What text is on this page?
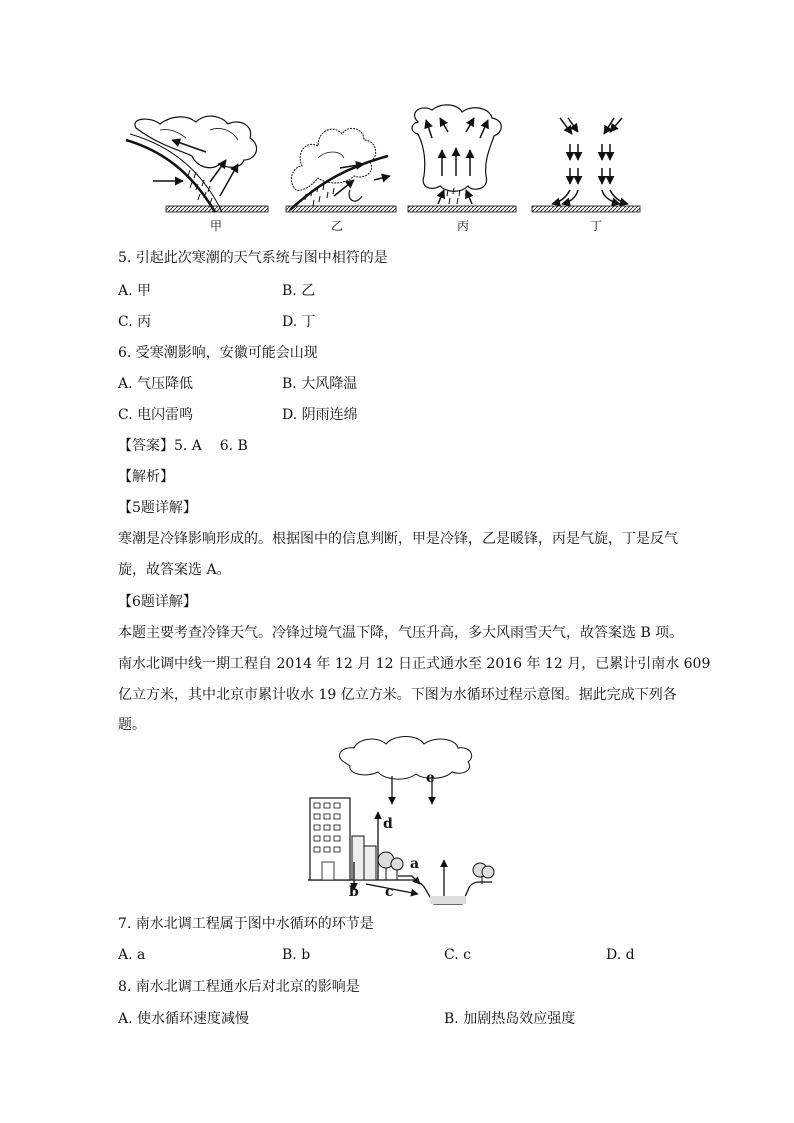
甲	乙	丙	丁
5. 引起此次寒潮的天气系统与图中相符的是
A. 甲	B. 乙
C. 丙	D. 丁
6. 受寒潮影响，安徽可能会山现
A. 气压降低	B. 大风降温
C. 电闪雷鸣	D. 阴雨连绵
【答案】5. A    6. B
【解析】
【5题详解】
寒潮是冷锋影响形成的。根据图中的信息判断，甲是冷锋，乙是暖锋，丙是气旋，丁是反气
旋，故答案选 A。
【6题详解】
本题主要考查冷锋天气。冷锋过境气温下降，气压升高，多大风雨雪天气，故答案选 B 项。
南水北调中线一期工程自 2014 年 12 月 12 日正式通水至 2016 年 12 月，已累计引南水 609
亿立方米，其中北京市累计收水 19 亿立方米。下图为水循环过程示意图。据此完成下列各
题。
e
d
a
b c
7. 南水北调工程属于图中水循环的环节是
A. a	B. b	C. c	D. d
8. 南水北调工程通水后对北京的影响是
A. 使水循环速度减慢	B. 加剧热岛效应强度
